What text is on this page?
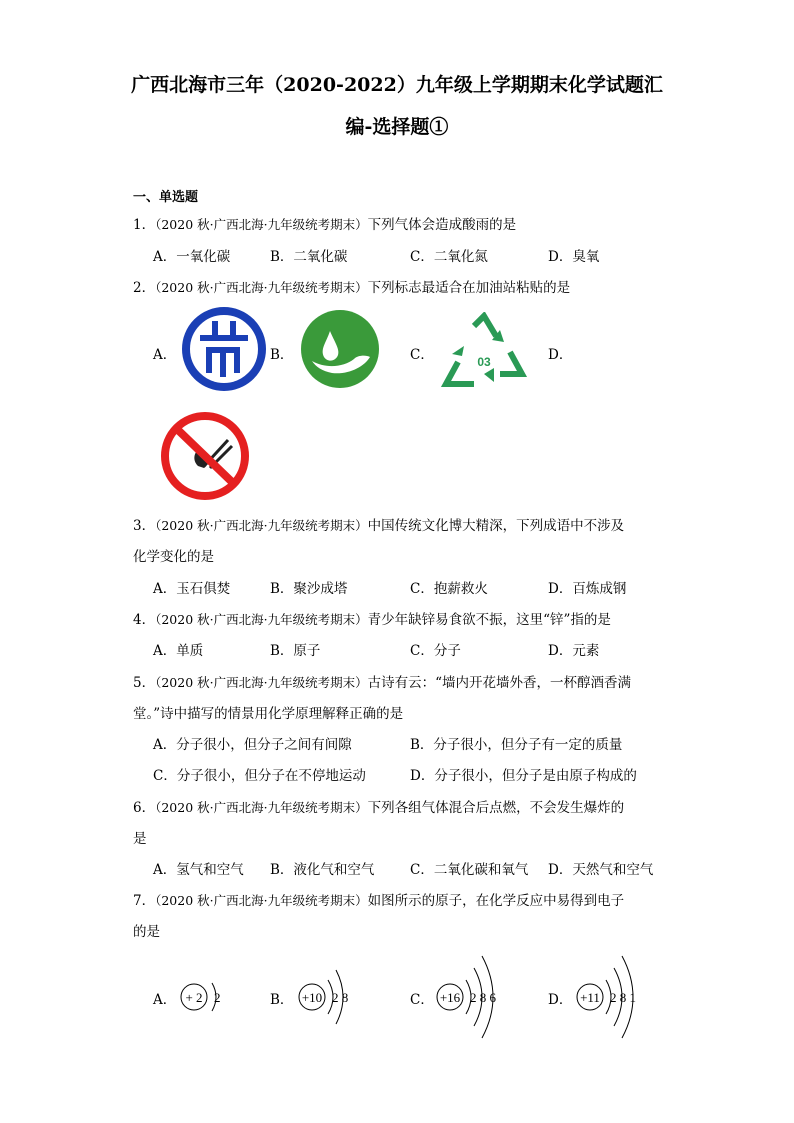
广西北海市三年（2020-2022）九年级上学期期末化学试题汇
编-选择题①
一、单选题
1．（2020 秋·广西北海·九年级统考期末）下列气体会造成酸雨的是
A．一氧化碳	B．二氧化碳	C．二氧化氮	D．臭氧
2．（2020 秋·广西北海·九年级统考期末）下列标志最适合在加油站粘贴的是
A．	B．	C．	D．
03
3．（2020 秋·广西北海·九年级统考期末）中国传统文化博大精深，下列成语中不涉及
化学变化的是
A．玉石俱焚	B．聚沙成塔	C．抱薪救火	D．百炼成钢
4．（2020 秋·广西北海·九年级统考期末）青少年缺锌易食欲不振，这里“锌”指的是
A．单质	B．原子	C．分子	D．元素
5．（2020 秋·广西北海·九年级统考期末）古诗有云：“墙内开花墙外香，一杯醇酒香满
堂。”诗中描写的情景用化学原理解释正确的是
A．分子很小，但分子之间有间隙	B．分子很小，但分子有一定的质量
C．分子很小，但分子在不停地运动	D．分子很小，但分子是由原子构成的
6．（2020 秋·广西北海·九年级统考期末）下列各组气体混合后点燃，不会发生爆炸的
是
A．氢气和空气 B．液化气和空气	C．二氧化碳和氧气 D．天然气和空气
7．（2020 秋·广西北海·九年级统考期末）如图所示的原子，在化学反应中易得到电子
的是
A．	B．	C．	D．
+ 2 2	+10 2 8	+16 2 8 6	+11 2 8 1
